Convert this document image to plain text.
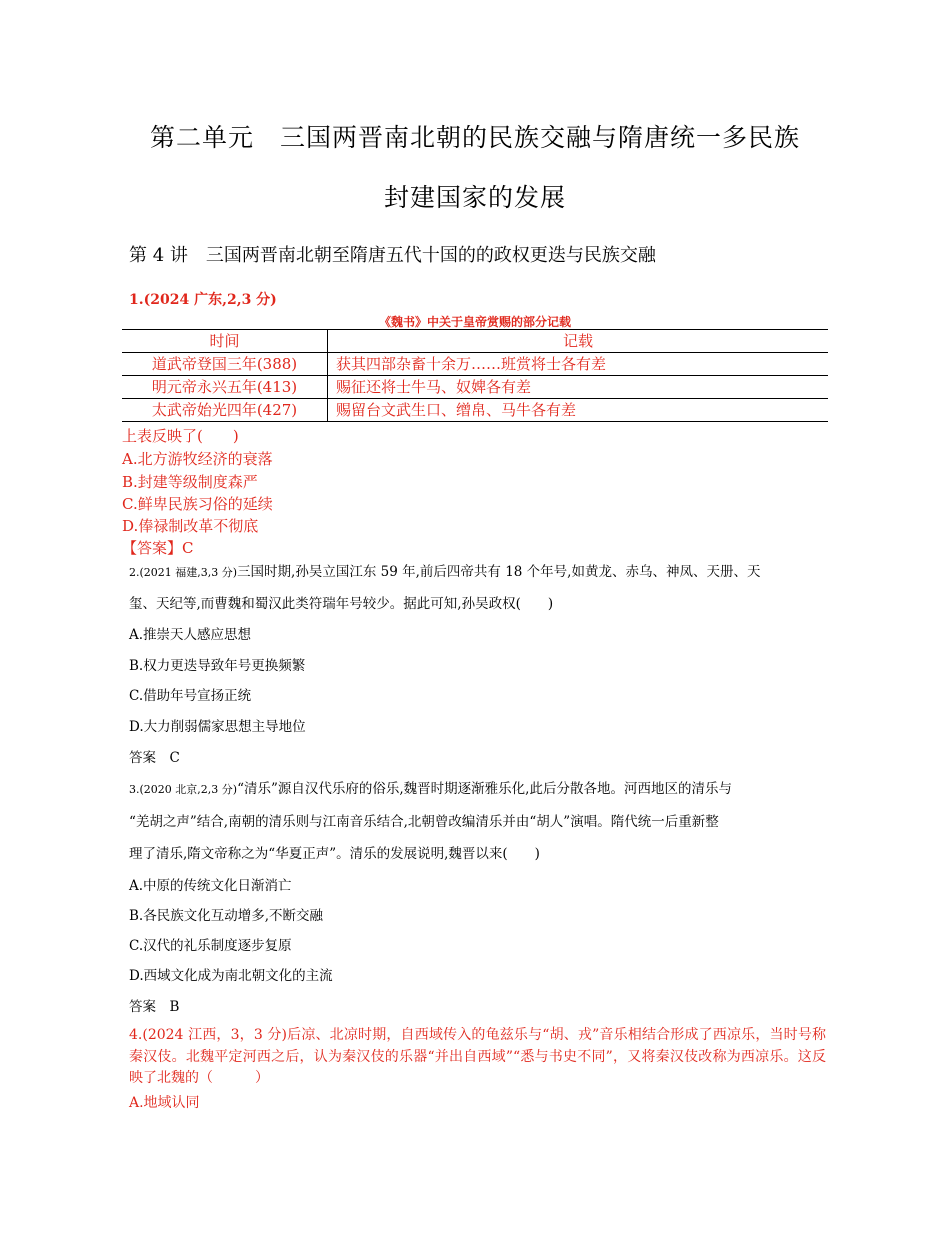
第二单元　三国两晋南北朝的民族交融与隋唐统一多民族
封建国家的发展
第 4 讲　三国两晋南北朝至隋唐五代十国的的政权更迭与民族交融
1.(2024 广东,2,3 分)
《魏书》中关于皇帝赏赐的部分记载
时间	记载
道武帝登国三年(388)	获其四部杂畜十余万……班赏将士各有差
明元帝永兴五年(413)	赐征还将士牛马、奴婢各有差
太武帝始光四年(427)	赐留台文武生口、缯帛、马牛各有差
上表反映了(　　)
A.北方游牧经济的衰落
B.封建等级制度森严
C.鲜卑民族习俗的延续
D.俸禄制改革不彻底
【答案】C
2.(2021 福建,3,3 分)三国时期,孙吴立国江东 59 年,前后四帝共有 18 个年号,如黄龙、赤乌、神凤、天册、天
玺、天纪等,而曹魏和蜀汉此类符瑞年号较少。据此可知,孙吴政权(　　)
A.推崇天人感应思想
B.权力更迭导致年号更换频繁
C.借助年号宣扬正统
D.大力削弱儒家思想主导地位
答案　C
3.(2020 北京,2,3 分)“清乐”源自汉代乐府的俗乐,魏晋时期逐渐雅乐化,此后分散各地。河西地区的清乐与
“羌胡之声”结合,南朝的清乐则与江南音乐结合,北朝曾改编清乐并由“胡人”演唱。隋代统一后重新整
理了清乐,隋文帝称之为“华夏正声”。清乐的发展说明,魏晋以来(　　)
A.中原的传统文化日渐消亡
B.各民族文化互动增多,不断交融
C.汉代的礼乐制度逐步复原
D.西域文化成为南北朝文化的主流
答案　B
4.(2024 江西，3，3 分)后凉、北凉时期，自西域传入的龟兹乐与“胡、戎”音乐相结合形成了西凉乐，当时号称秦汉伎。北魏平定河西之后，认为秦汉伎的乐器“并出自西域”“悉与书史不同”，又将秦汉伎改称为西凉乐。这反映了北魏的（　　　）
A.地域认同
